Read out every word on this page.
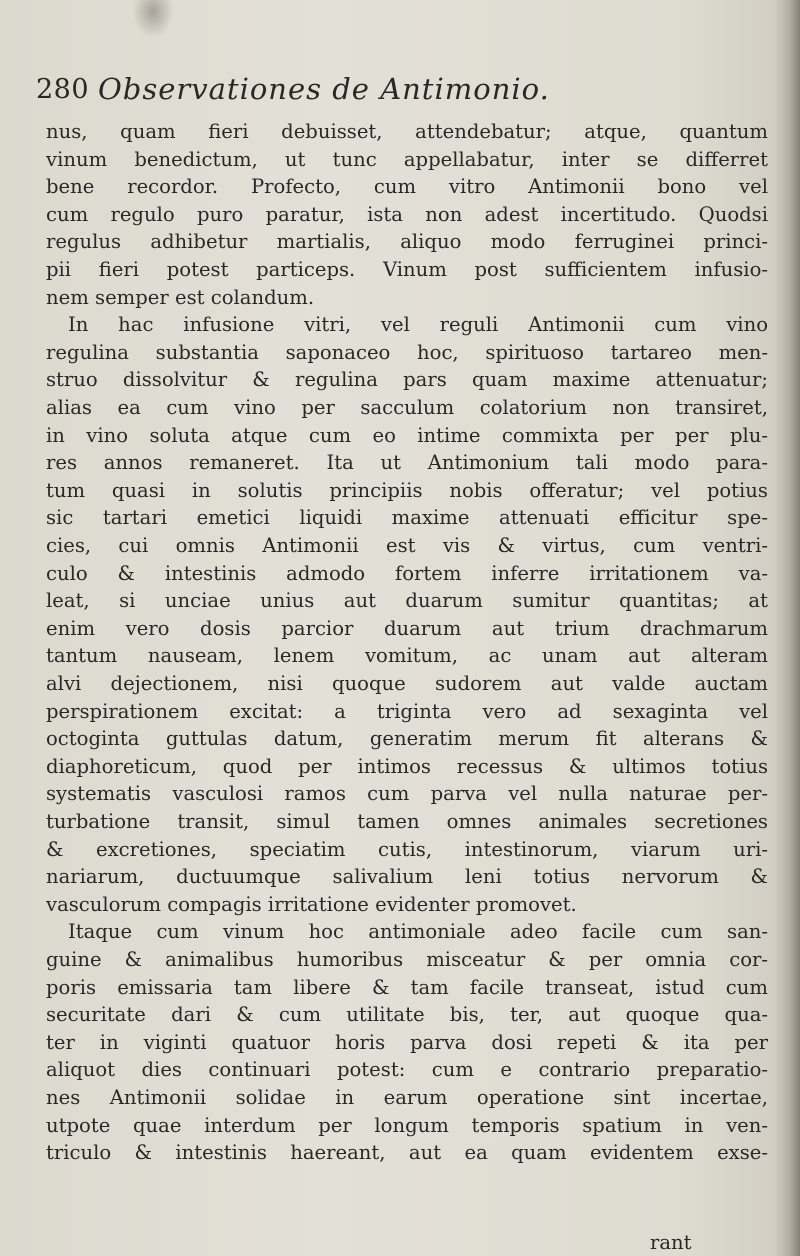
280 Observationes de Antimonio.
nus, quam fieri debuisset, attendebatur; atque, quantum
vinum benedictum, ut tunc appellabatur, inter se differret
bene recordor. Profecto, cum vitro Antimonii bono vel
cum regulo puro paratur, ista non adest incertitudo. Quodsi
regulus adhibetur martialis, aliquo modo ferruginei princi-
pii fieri potest particeps. Vinum post sufficientem infusio-
nem semper est colandum.
In hac infusione vitri, vel reguli Antimonii cum vino
regulina substantia saponaceo hoc, spirituoso tartareo men-
struo dissolvitur & regulina pars quam maxime attenuatur;
alias ea cum vino per sacculum colatorium non transiret,
in vino soluta atque cum eo intime commixta per per plu-
res annos remaneret. Ita ut Antimonium tali modo para-
tum quasi in solutis principiis nobis offeratur; vel potius
sic tartari emetici liquidi maxime attenuati efficitur spe-
cies, cui omnis Antimonii est vis & virtus, cum ventri-
culo & intestinis admodo fortem inferre irritationem va-
leat, si unciae unius aut duarum sumitur quantitas; at
enim vero dosis parcior duarum aut trium drachmarum
tantum nauseam, lenem vomitum, ac unam aut alteram
alvi dejectionem, nisi quoque sudorem aut valde auctam
perspirationem excitat: a triginta vero ad sexaginta vel
octoginta guttulas datum, generatim merum fit alterans &
diaphoreticum, quod per intimos recessus & ultimos totius
systematis vasculosi ramos cum parva vel nulla naturae per-
turbatione transit, simul tamen omnes animales secretiones
& excretiones, speciatim cutis, intestinorum, viarum uri-
nariarum, ductuumque salivalium leni totius nervorum &
vasculorum compagis irritatione evidenter promovet.
Itaque cum vinum hoc antimoniale adeo facile cum san-
guine & animalibus humoribus misceatur & per omnia cor-
poris emissaria tam libere & tam facile transeat, istud cum
securitate dari & cum utilitate bis, ter, aut quoque qua-
ter in viginti quatuor horis parva dosi repeti & ita per
aliquot dies continuari potest: cum e contrario preparatio-
nes Antimonii solidae in earum operatione sint incertae,
utpote quae interdum per longum temporis spatium in ven-
triculo & intestinis haereant, aut ea quam evidentem exse-
rant
